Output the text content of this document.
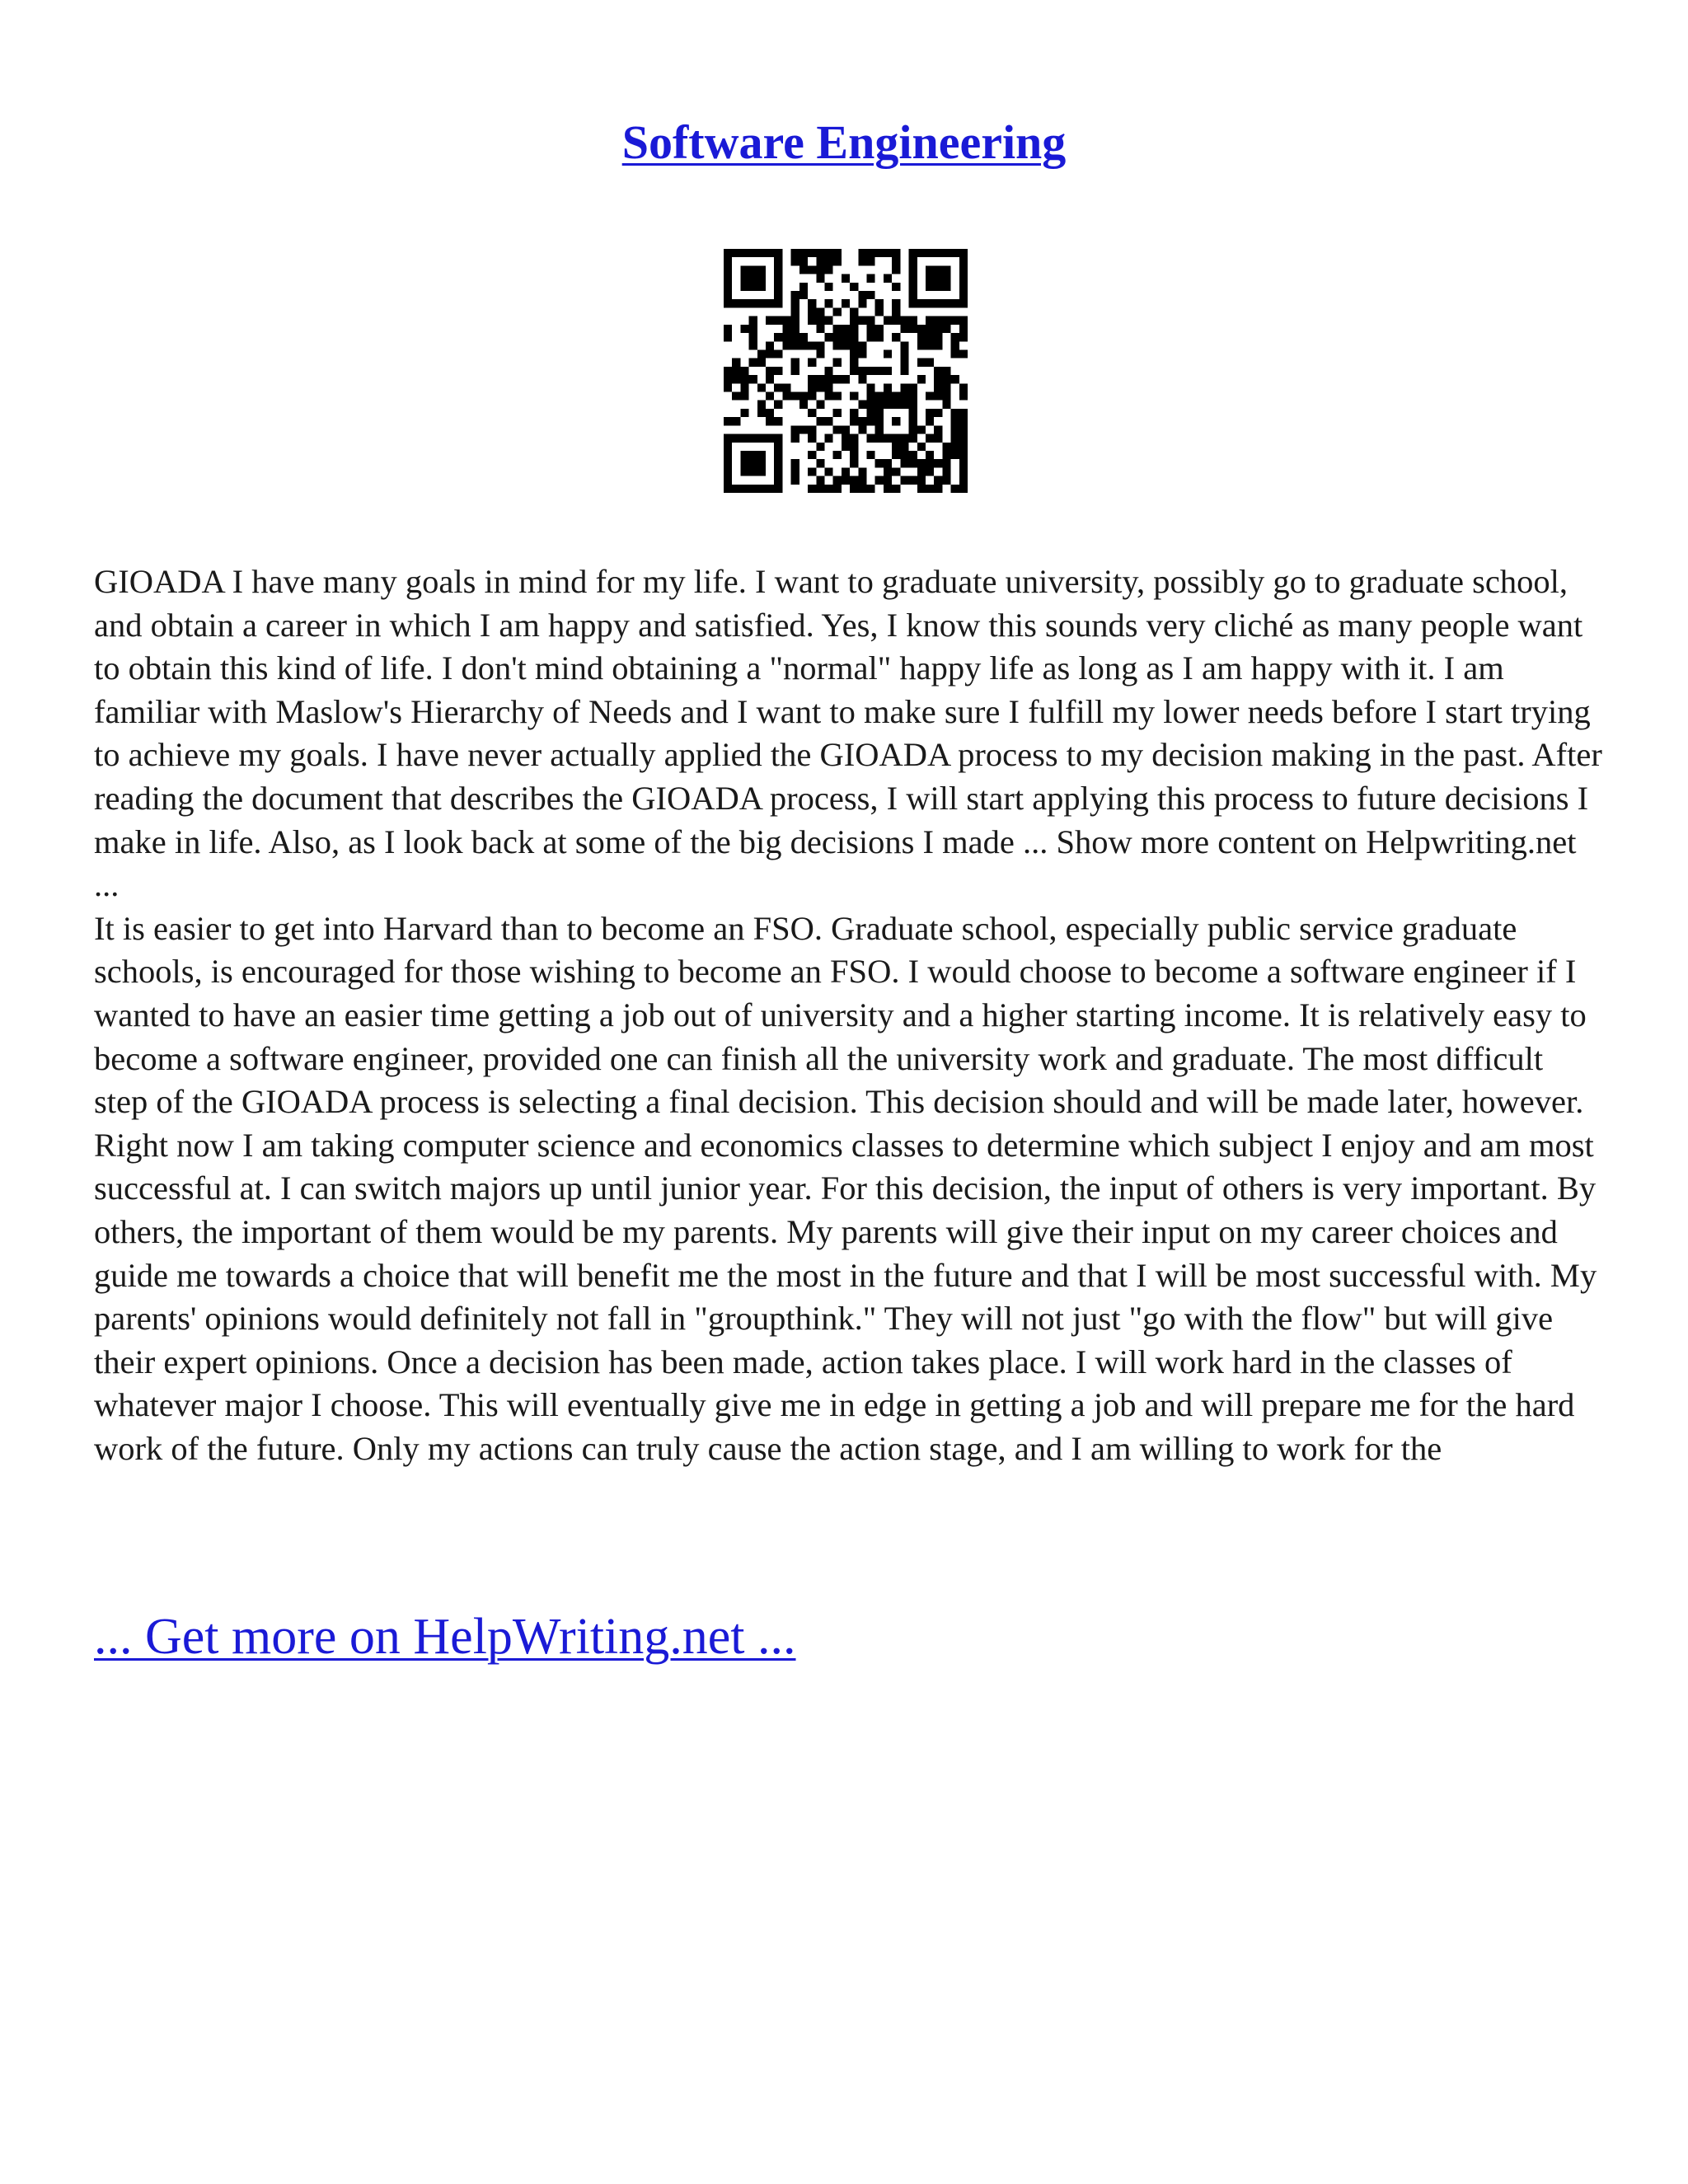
Software Engineering

GIOADA I have many goals in mind for my life. I want to graduate university, possibly go to graduate school, and obtain a career in which I am happy and satisfied. Yes, I know this sounds very cliché as many people want to obtain this kind of life. I don't mind obtaining a "normal" happy life as long as I am happy with it. I am familiar with Maslow's Hierarchy of Needs and I want to make sure I fulfill my lower needs before I start trying to achieve my goals. I have never actually applied the GIOADA process to my decision making in the past. After reading the document that describes the GIOADA process, I will start applying this process to future decisions I make in life. Also, as I look back at some of the big decisions I made ... Show more content on Helpwriting.net ...

It is easier to get into Harvard than to become an FSO. Graduate school, especially public service graduate schools, is encouraged for those wishing to become an FSO. I would choose to become a software engineer if I wanted to have an easier time getting a job out of university and a higher starting income. It is relatively easy to become a software engineer, provided one can finish all the university work and graduate. The most difficult step of the GIOADA process is selecting a final decision. This decision should and will be made later, however. Right now I am taking computer science and economics classes to determine which subject I enjoy and am most successful at. I can switch majors up until junior year. For this decision, the input of others is very important. By others, the important of them would be my parents. My parents will give their input on my career choices and guide me towards a choice that will benefit me the most in the future and that I will be most successful with. My parents' opinions would definitely not fall in "groupthink." They will not just "go with the flow" but will give their expert opinions. Once a decision has been made, action takes place. I will work hard in the classes of whatever major I choose. This will eventually give me in edge in getting a job and will prepare me for the hard work of the future. Only my actions can truly cause the action stage, and I am willing to work for the

... Get more on HelpWriting.net ...
